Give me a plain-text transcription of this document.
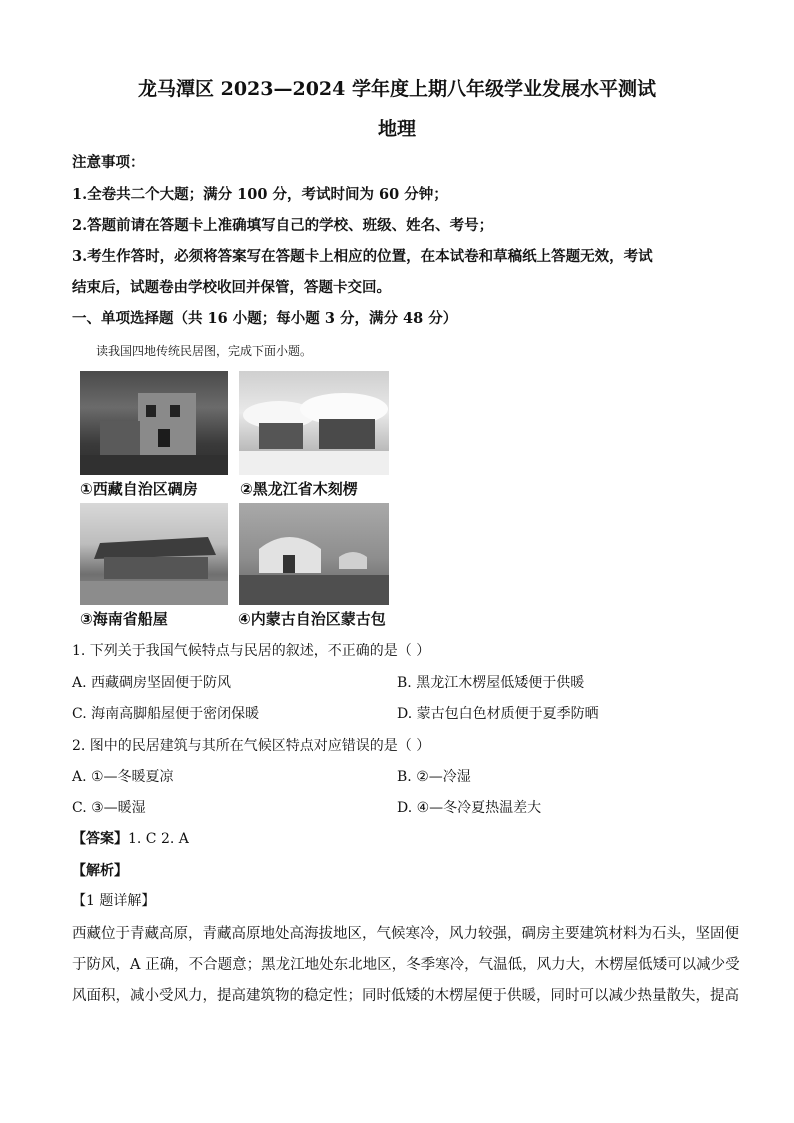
龙马潭区 2023—2024 学年度上期八年级学业发展水平测试
地理
注意事项：
1.全卷共二个大题；满分 100 分，考试时间为 60 分钟；
2.答题前请在答题卡上准确填写自己的学校、班级、姓名、考号；
3.考生作答时，必须将答案写在答题卡上相应的位置，在本试卷和草稿纸上答题无效，考试
结束后，试题卷由学校收回并保管，答题卡交回。
一、单项选择题（共 16 小题；每小题 3 分，满分 48 分）
读我国四地传统民居图，完成下面小题。
①西藏自治区碉房	②黑龙江省木刻楞
③海南省船屋	④内蒙古自治区蒙古包
1. 下列关于我国气候特点与民居的叙述，不正确的是（ ）
A. 西藏碉房坚固便于防风	B. 黑龙江木楞屋低矮便于供暖
C. 海南高脚船屋便于密闭保暖	D. 蒙古包白色材质便于夏季防晒
2. 图中的民居建筑与其所在气候区特点对应错误的是（ ）
A. ①—冬暖夏凉	B. ②—冷湿
C. ③—暖湿	D. ④—冬冷夏热温差大
【答案】1. C 2. A
【解析】
【1 题详解】
西藏位于青藏高原，青藏高原地处高海拔地区，气候寒冷，风力较强，碉房主要建筑材料为石头，坚固便
于防风，A 正确，不合题意；黑龙江地处东北地区，冬季寒冷，气温低，风力大，木楞屋低矮可以减少受
风面积，减小受风力，提高建筑物的稳定性；同时低矮的木楞屋便于供暖，同时可以减少热量散失，提高
